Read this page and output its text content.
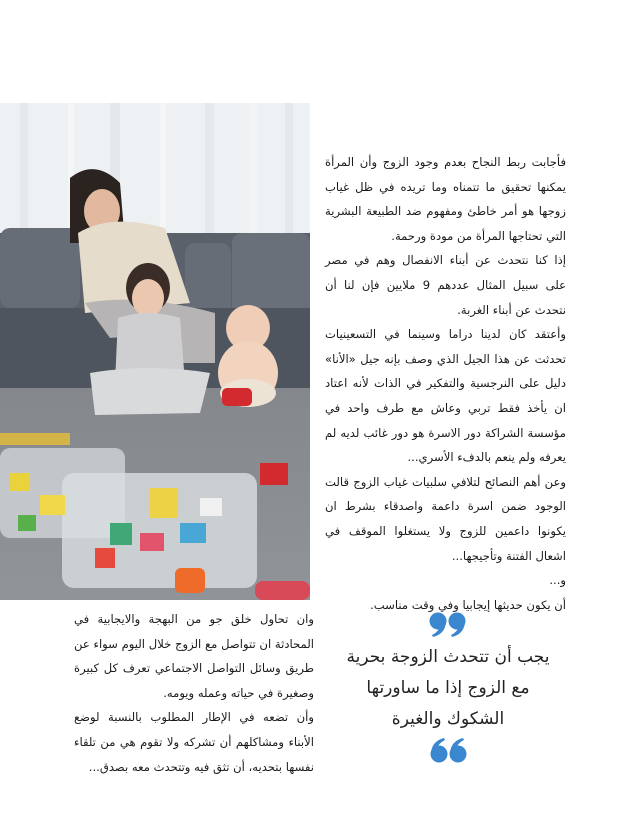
فأجابت ربط النجاح بعدم وجود الزوج وأن المرأة يمكنها تحقيق ما تتمناه وما تريده في ظل غياب زوجها هو أمر خاطئ ومفهوم ضد الطبيعة البشرية التي تحتاجها المرأة من مودة ورحمة.

إذا كنا نتحدث عن أبناء الانفصال وهم في مصر على سبيل المثال عددهم 9 ملايين فإن لنا أن نتحدث عن أبناء الغربة.

وأعتقد كان لدينا دراما وسينما في التسعينيات تحدثت عن هذا الجيل الذي وصف بإنه جيل «الأنا» دليل على النرجسية والتفكير في الذات لأنه اعتاد ان يأخذ فقط تربي وعاش مع طرف واحد في مؤسسة الشراكة دور الاسرة هو دور غائب لديه لم يعرفه ولم ينعم بالدفء الأسري...

وعن أهم النصائح لتلافي سلبيات غياب الزوج قالت الوجود ضمن اسرة داعمة واصدقاء بشرط ان يكونوا داعمين للزوج ولا يستغلوا الموقف في اشعال الفتنة وتأجيجها...

و...

أن يكون حديثها إيجابيا وفي وقت مناسب.

يجب أن تتحدث الزوجة بحرية
مع الزوج إذا ما ساورتها
الشكوك والغيرة

وان تحاول خلق جو من البهجة والايجابية في المحادثة ان تتواصل مع الزوج خلال اليوم سواء عن طريق وسائل التواصل الاجتماعي تعرف كل كبيرة وصغيرة في حياته وعمله ويومه.

وأن تضعه في الإطار المطلوب بالنسبة لوضع الأبناء ومشاكلهم أن تشركه ولا تقوم هي من تلقاء نفسها بتحديه، أن تثق فيه وتتحدث معه بصدق...
